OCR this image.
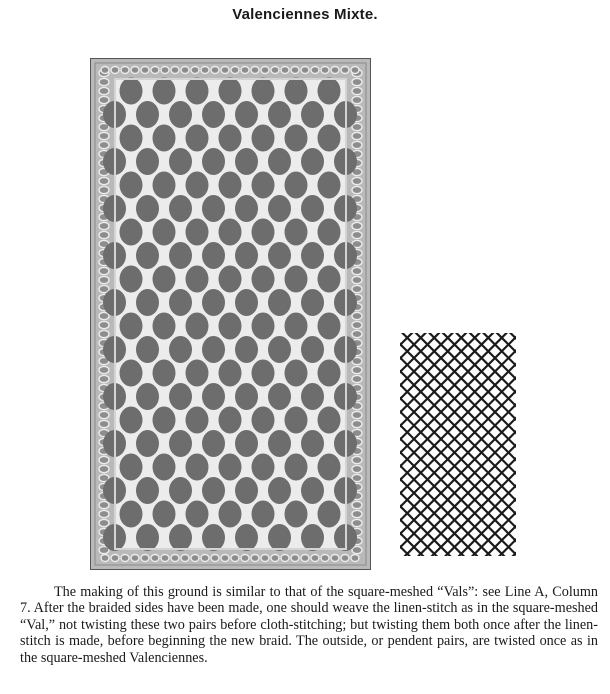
Valenciennes Mixte.
The making of this ground is similar to that of the square-meshed “Vals”: see Line A, Column 7. After the braided sides have been made, one should weave the linen-stitch as in the square-meshed “Val,” not twisting these two pairs before cloth-stitching; but twisting them both once after the linen-stitch is made, before beginning the new braid. The outside, or pendent pairs, are twisted once as in the square-meshed Valenciennes.
